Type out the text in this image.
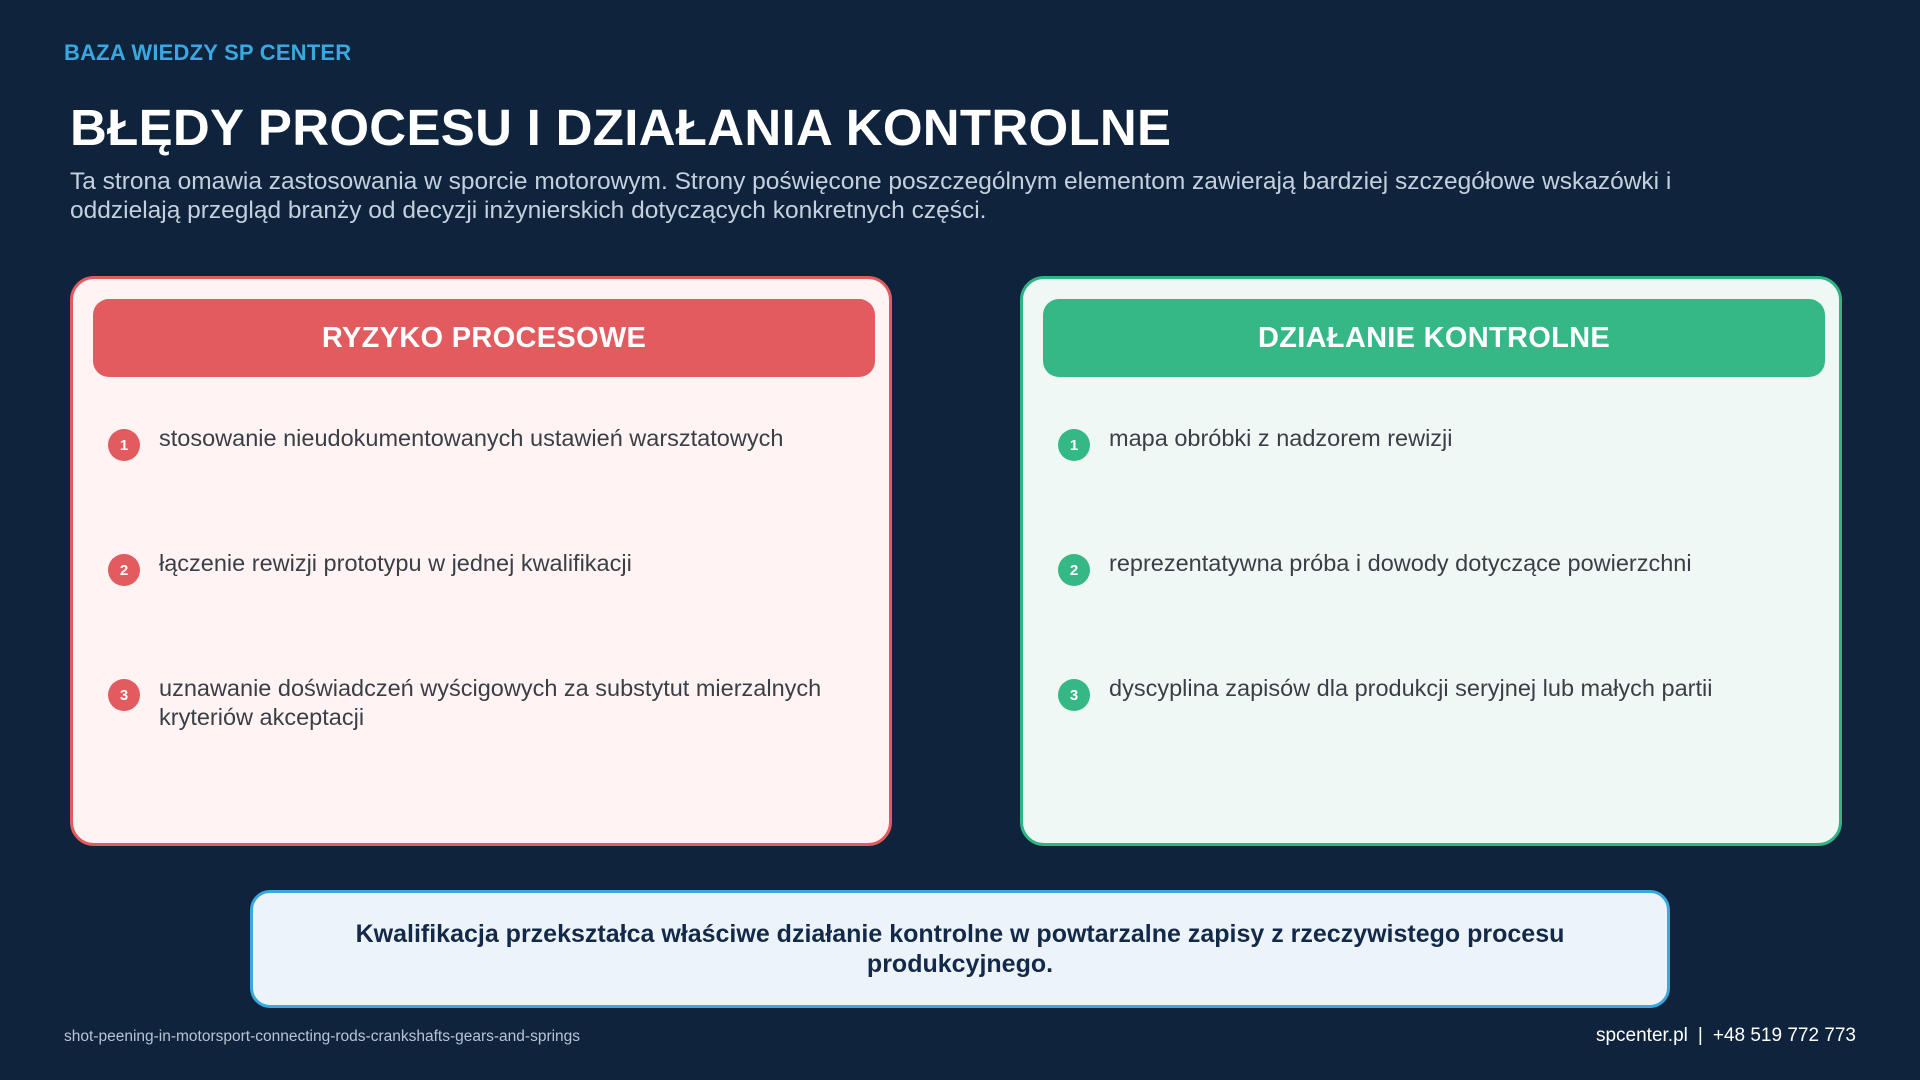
BAZA WIEDZY SP CENTER
BŁĘDY PROCESU I DZIAŁANIA KONTROLNE

Ta strona omawia zastosowania w sporcie motorowym. Strony poświęcone poszczególnym elementom zawierają bardziej szczegółowe wskazówki i oddzielają przegląd branży od decyzji inżynierskich dotyczących konkretnych części.

RYZYKO PROCESOWE
1	stosowanie nieudokumentowanych ustawień warsztatowych
2	łączenie rewizji prototypu w jednej kwalifikacji
3	uznawanie doświadczeń wyścigowych za substytut mierzalnych kryteriów akceptacji
DZIAŁANIE KONTROLNE
1	mapa obróbki z nadzorem rewizji
2	reprezentatywna próba i dowody dotyczące powierzchni
3	dyscyplina zapisów dla produkcji seryjnej lub małych partii
Kwalifikacja przekształca właściwe działanie kontrolne w powtarzalne zapisy z rzeczywistego procesu produkcyjnego.
shot-peening-in-motorsport-connecting-rods-crankshafts-gears-and-springs	spcenter.pl | +48 519 772 773
